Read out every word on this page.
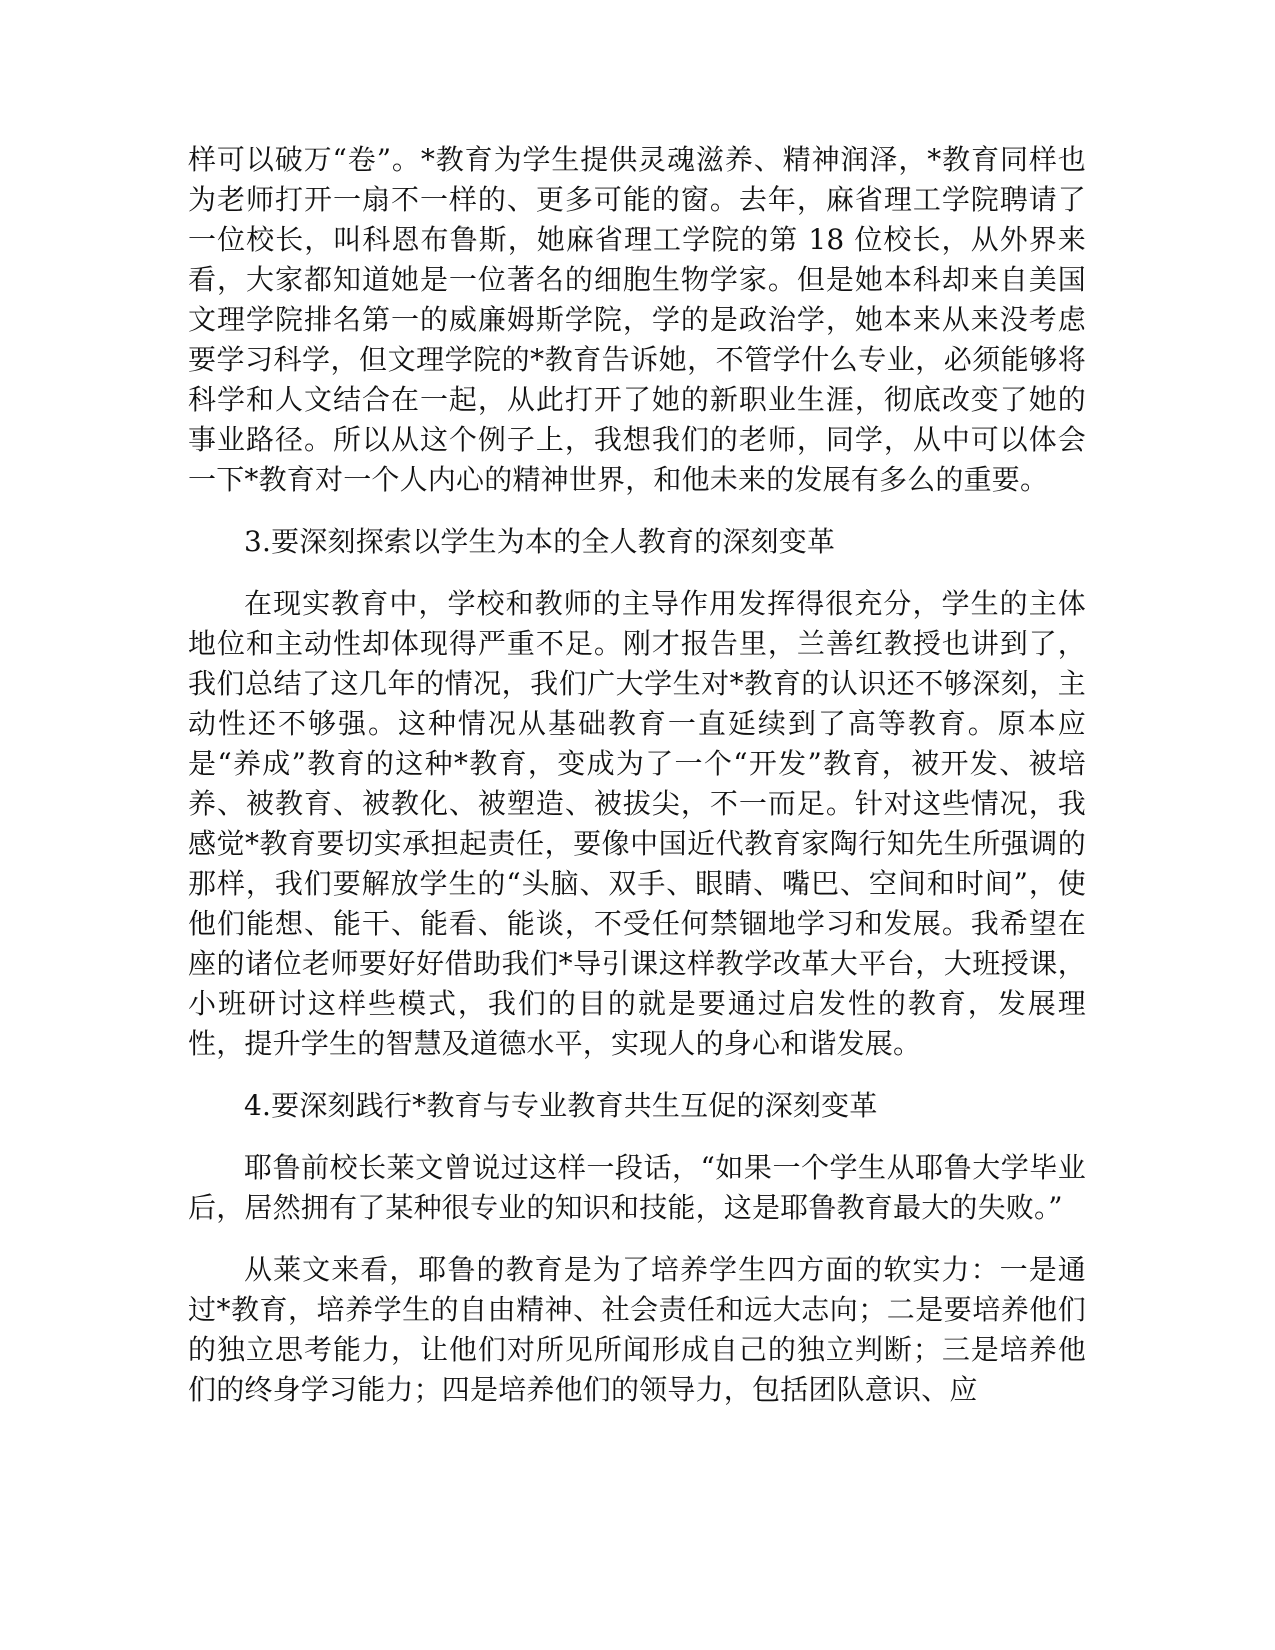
样可以破万“卷”。*教育为学生提供灵魂滋养、精神润泽，*教育同样也为老师打开一扇不一样的、更多可能的窗。去年，麻省理工学院聘请了一位校长，叫科恩布鲁斯，她麻省理工学院的第 18 位校长，从外界来看，大家都知道她是一位著名的细胞生物学家。但是她本科却来自美国文理学院排名第一的威廉姆斯学院，学的是政治学，她本来从来没考虑要学习科学，但文理学院的*教育告诉她，不管学什么专业，必须能够将科学和人文结合在一起，从此打开了她的新职业生涯，彻底改变了她的事业路径。所以从这个例子上，我想我们的老师，同学，从中可以体会一下*教育对一个人内心的精神世界，和他未来的发展有多么的重要。

3.要深刻探索以学生为本的全人教育的深刻变革

在现实教育中，学校和教师的主导作用发挥得很充分，学生的主体地位和主动性却体现得严重不足。刚才报告里，兰善红教授也讲到了，我们总结了这几年的情况，我们广大学生对*教育的认识还不够深刻，主动性还不够强。这种情况从基础教育一直延续到了高等教育。原本应是“养成”教育的这种*教育，变成为了一个“开发”教育，被开发、被培养、被教育、被教化、被塑造、被拔尖，不一而足。针对这些情况，我感觉*教育要切实承担起责任，要像中国近代教育家陶行知先生所强调的那样，我们要解放学生的“头脑、双手、眼睛、嘴巴、空间和时间”，使他们能想、能干、能看、能谈，不受任何禁锢地学习和发展。我希望在座的诸位老师要好好借助我们*导引课这样教学改革大平台，大班授课，小班研讨这样些模式，我们的目的就是要通过启发性的教育，发展理性，提升学生的智慧及道德水平，实现人的身心和谐发展。

4.要深刻践行*教育与专业教育共生互促的深刻变革

耶鲁前校长莱文曾说过这样一段话，“如果一个学生从耶鲁大学毕业后，居然拥有了某种很专业的知识和技能，这是耶鲁教育最大的失败。”

从莱文来看，耶鲁的教育是为了培养学生四方面的软实力：一是通过*教育，培养学生的自由精神、社会责任和远大志向；二是要培养他们的独立思考能力，让他们对所见所闻形成自己的独立判断；三是培养他们的终身学习能力；四是培养他们的领导力，包括团队意识、应
